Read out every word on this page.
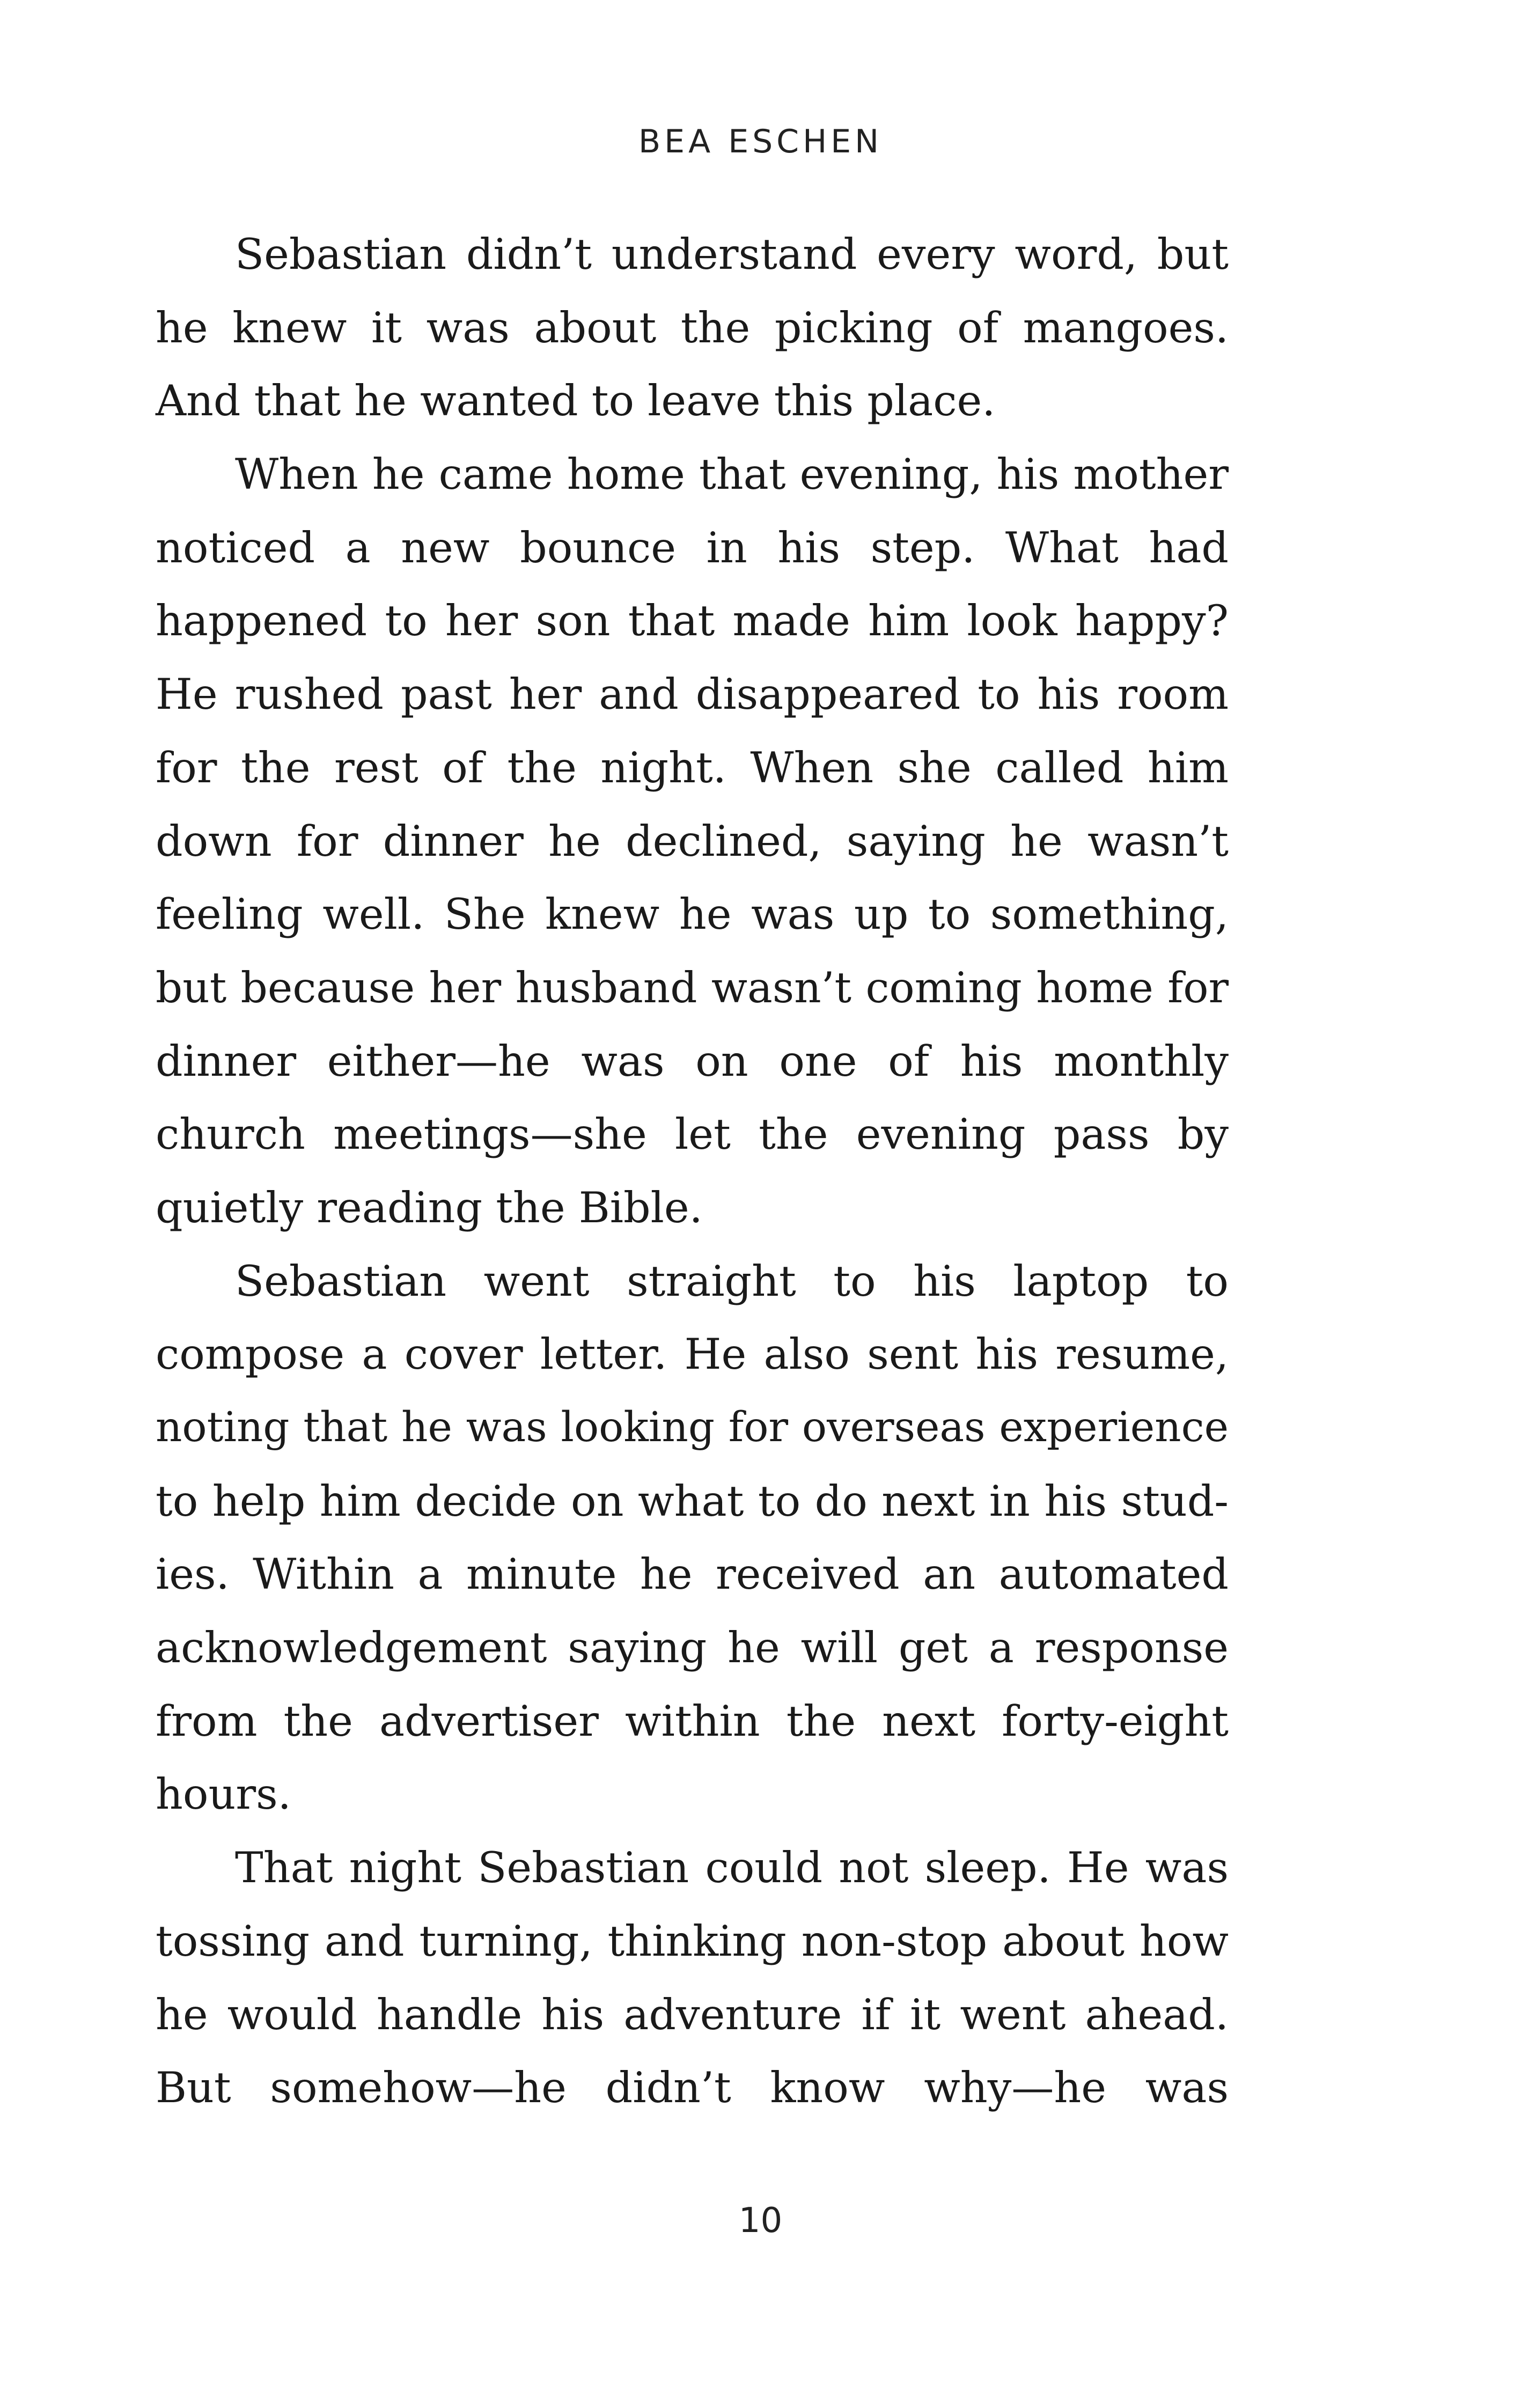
BEA ESCHEN
Sebastian didn’t understand every word, but
he knew it was about the picking of mangoes.
And that he wanted to leave this place.
When he came home that evening, his mother
noticed a new bounce in his step. What had
happened to her son that made him look happy?
He rushed past her and disappeared to his room
for the rest of the night. When she called him
down for dinner he declined, saying he wasn’t
feeling well. She knew he was up to something,
but because her husband wasn’t coming home for
dinner either—he was on one of his monthly
church meetings—she let the evening pass by
quietly reading the Bible.
Sebastian went straight to his laptop to
compose a cover letter. He also sent his resume,
noting that he was looking for overseas experience
to help him decide on what to do next in his stud-
ies. Within a minute he received an automated
acknowledgement saying he will get a response
from the advertiser within the next forty-eight
hours.
That night Sebastian could not sleep. He was
tossing and turning, thinking non-stop about how
he would handle his adventure if it went ahead.
But somehow—he didn’t know why—he was
10
